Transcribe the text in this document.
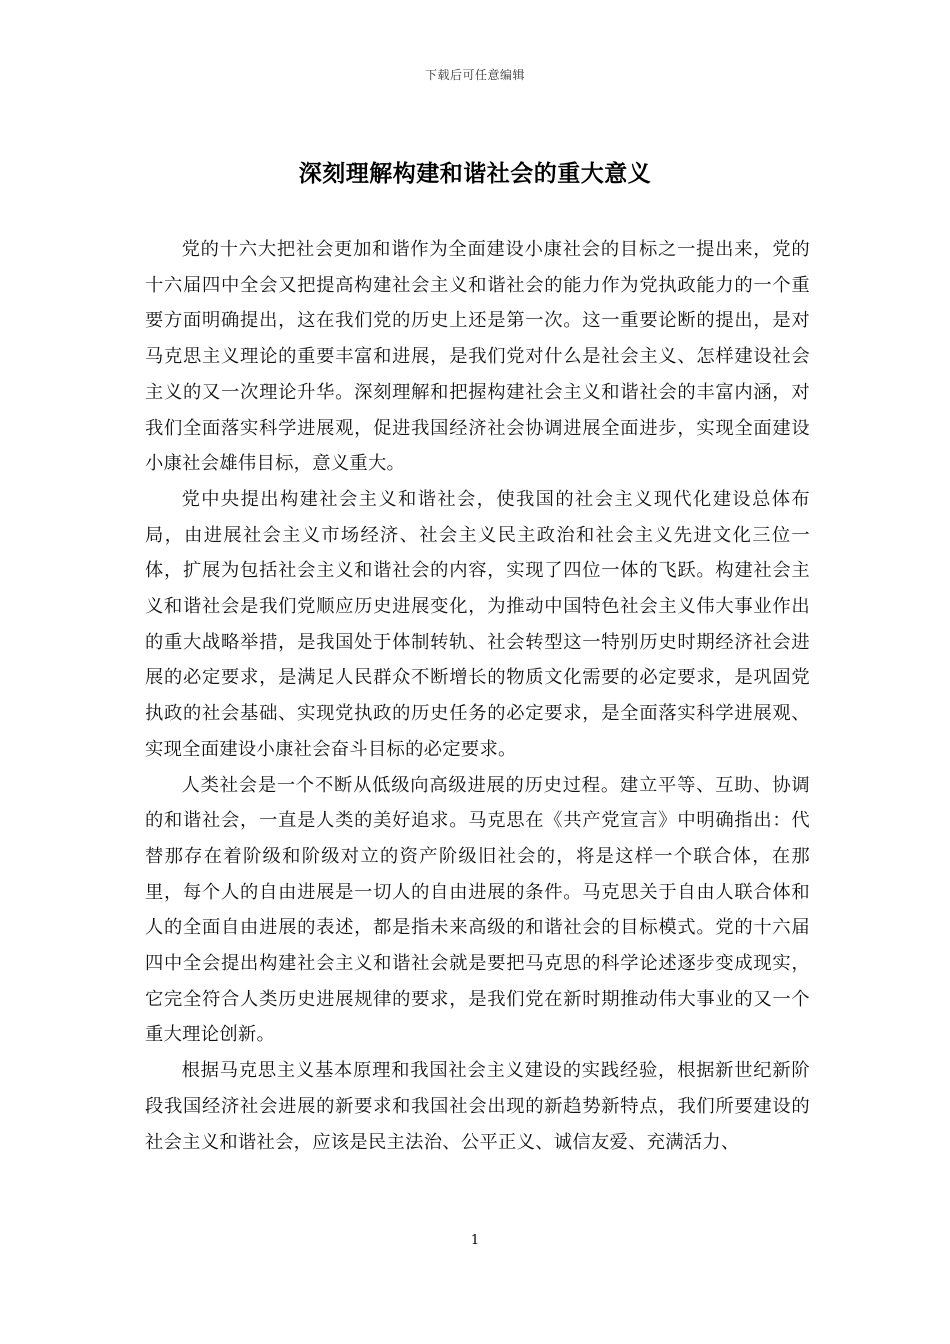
下载后可任意编辑
深刻理解构建和谐社会的重大意义

党的十六大把社会更加和谐作为全面建设小康社会的目标之一提出来，党的十六届四中全会又把提高构建社会主义和谐社会的能力作为党执政能力的一个重要方面明确提出，这在我们党的历史上还是第一次。这一重要论断的提出，是对马克思主义理论的重要丰富和进展，是我们党对什么是社会主义、怎样建设社会主义的又一次理论升华。深刻理解和把握构建社会主义和谐社会的丰富内涵，对我们全面落实科学进展观，促进我国经济社会协调进展全面进步，实现全面建设小康社会雄伟目标，意义重大。

党中央提出构建社会主义和谐社会，使我国的社会主义现代化建设总体布局，由进展社会主义市场经济、社会主义民主政治和社会主义先进文化三位一体，扩展为包括社会主义和谐社会的内容，实现了四位一体的飞跃。构建社会主义和谐社会是我们党顺应历史进展变化，为推动中国特色社会主义伟大事业作出的重大战略举措，是我国处于体制转轨、社会转型这一特别历史时期经济社会进展的必定要求，是满足人民群众不断增长的物质文化需要的必定要求，是巩固党执政的社会基础、实现党执政的历史任务的必定要求，是全面落实科学进展观、实现全面建设小康社会奋斗目标的必定要求。

人类社会是一个不断从低级向高级进展的历史过程。建立平等、互助、协调的和谐社会，一直是人类的美好追求。马克思在《共产党宣言》中明确指出：代替那存在着阶级和阶级对立的资产阶级旧社会的，将是这样一个联合体，在那里，每个人的自由进展是一切人的自由进展的条件。马克思关于自由人联合体和人的全面自由进展的表述，都是指未来高级的和谐社会的目标模式。党的十六届四中全会提出构建社会主义和谐社会就是要把马克思的科学论述逐步变成现实，它完全符合人类历史进展规律的要求，是我们党在新时期推动伟大事业的又一个重大理论创新。

根据马克思主义基本原理和我国社会主义建设的实践经验，根据新世纪新阶段我国经济社会进展的新要求和我国社会出现的新趋势新特点，我们所要建设的社会主义和谐社会，应该是民主法治、公平正义、诚信友爱、充满活力、

1
